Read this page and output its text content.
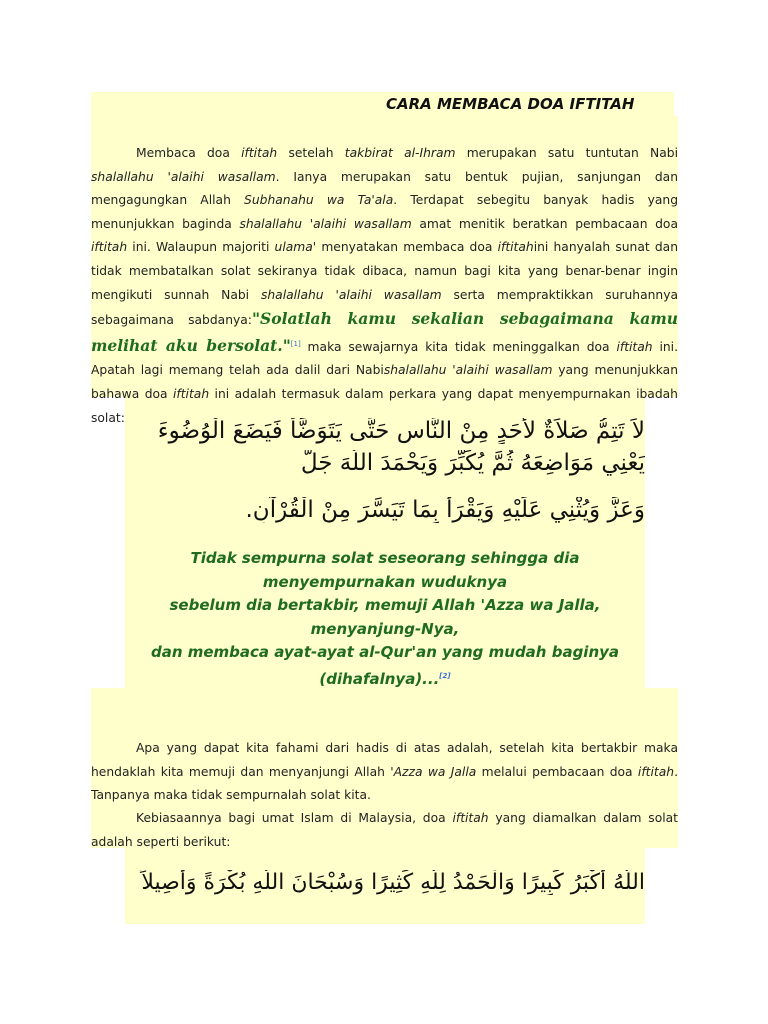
CARA MEMBACA DOA IFTITAH
Membaca doa iftitah setelah takbirat al-Ihram merupakan satu tuntutan Nabi shalallahu 'alaihi wasallam. Ianya merupakan satu bentuk pujian, sanjungan dan mengagungkan Allah Subhanahu wa Ta'ala. Terdapat sebegitu banyak hadis yang menunjukkan baginda shalallahu 'alaihi wasallam amat menitik beratkan pembacaan doa iftitah ini. Walaupun majoriti ulama' menyatakan membaca doa iftitahini hanyalah sunat dan tidak membatalkan solat sekiranya tidak dibaca, namun bagi kita yang benar-benar ingin mengikuti sunnah Nabi shalallahu 'alaihi wasallam serta mempraktikkan suruhannya sebagaimana sabdanya:"Solatlah kamu sekalian sebagaimana kamu melihat aku bersolat."[1] maka sewajarnya kita tidak meninggalkan doa iftitah ini. Apatah lagi memang telah ada dalil dari Nabishalallahu 'alaihi wasallam yang menunjukkan bahawa doa iftitah ini adalah termasuk dalam perkara yang dapat menyempurnakan ibadah solat:
لاَ تَتِمُّ صَلاَةٌ لأَحَدٍ مِنْ النَّاسِ حَتَّى يَتَوَضَّأَ فَيَضَعَ الْوُضُوءَ
يَعْنِي مَوَاضِعَهُ ثُمَّ يُكَبِّرَ وَيَحْمَدَ اللَّهَ جَلَّ
وَعَزَّ وَيُثْنِي عَلَيْهِ وَيَقْرَأُ بِمَا تَيَسَّرَ مِنْ الْقُرْآنِ.
Tidak sempurna solat seseorang sehingga dia
menyempurnakan wuduknya
sebelum dia bertakbir, memuji Allah 'Azza wa Jalla,
menyanjung-Nya,
dan membaca ayat-ayat al-Qur'an yang mudah baginya
(dihafalnya)...[2]
Apa yang dapat kita fahami dari hadis di atas adalah, setelah kita bertakbir maka hendaklah kita memuji dan menyanjungi Allah 'Azza wa Jalla melalui pembacaan doa iftitah. Tanpanya maka tidak sempurnalah solat kita.
Kebiasaannya bagi umat Islam di Malaysia, doa iftitah yang diamalkan dalam solat adalah seperti berikut:
اللَّهُ أَكْبَرُ كَبِيرًا وَالْحَمْدُ لِلَّهِ كَثِيرًا وَسُبْحَانَ اللَّهِ بُكْرَةً وَأَصِيلاً
